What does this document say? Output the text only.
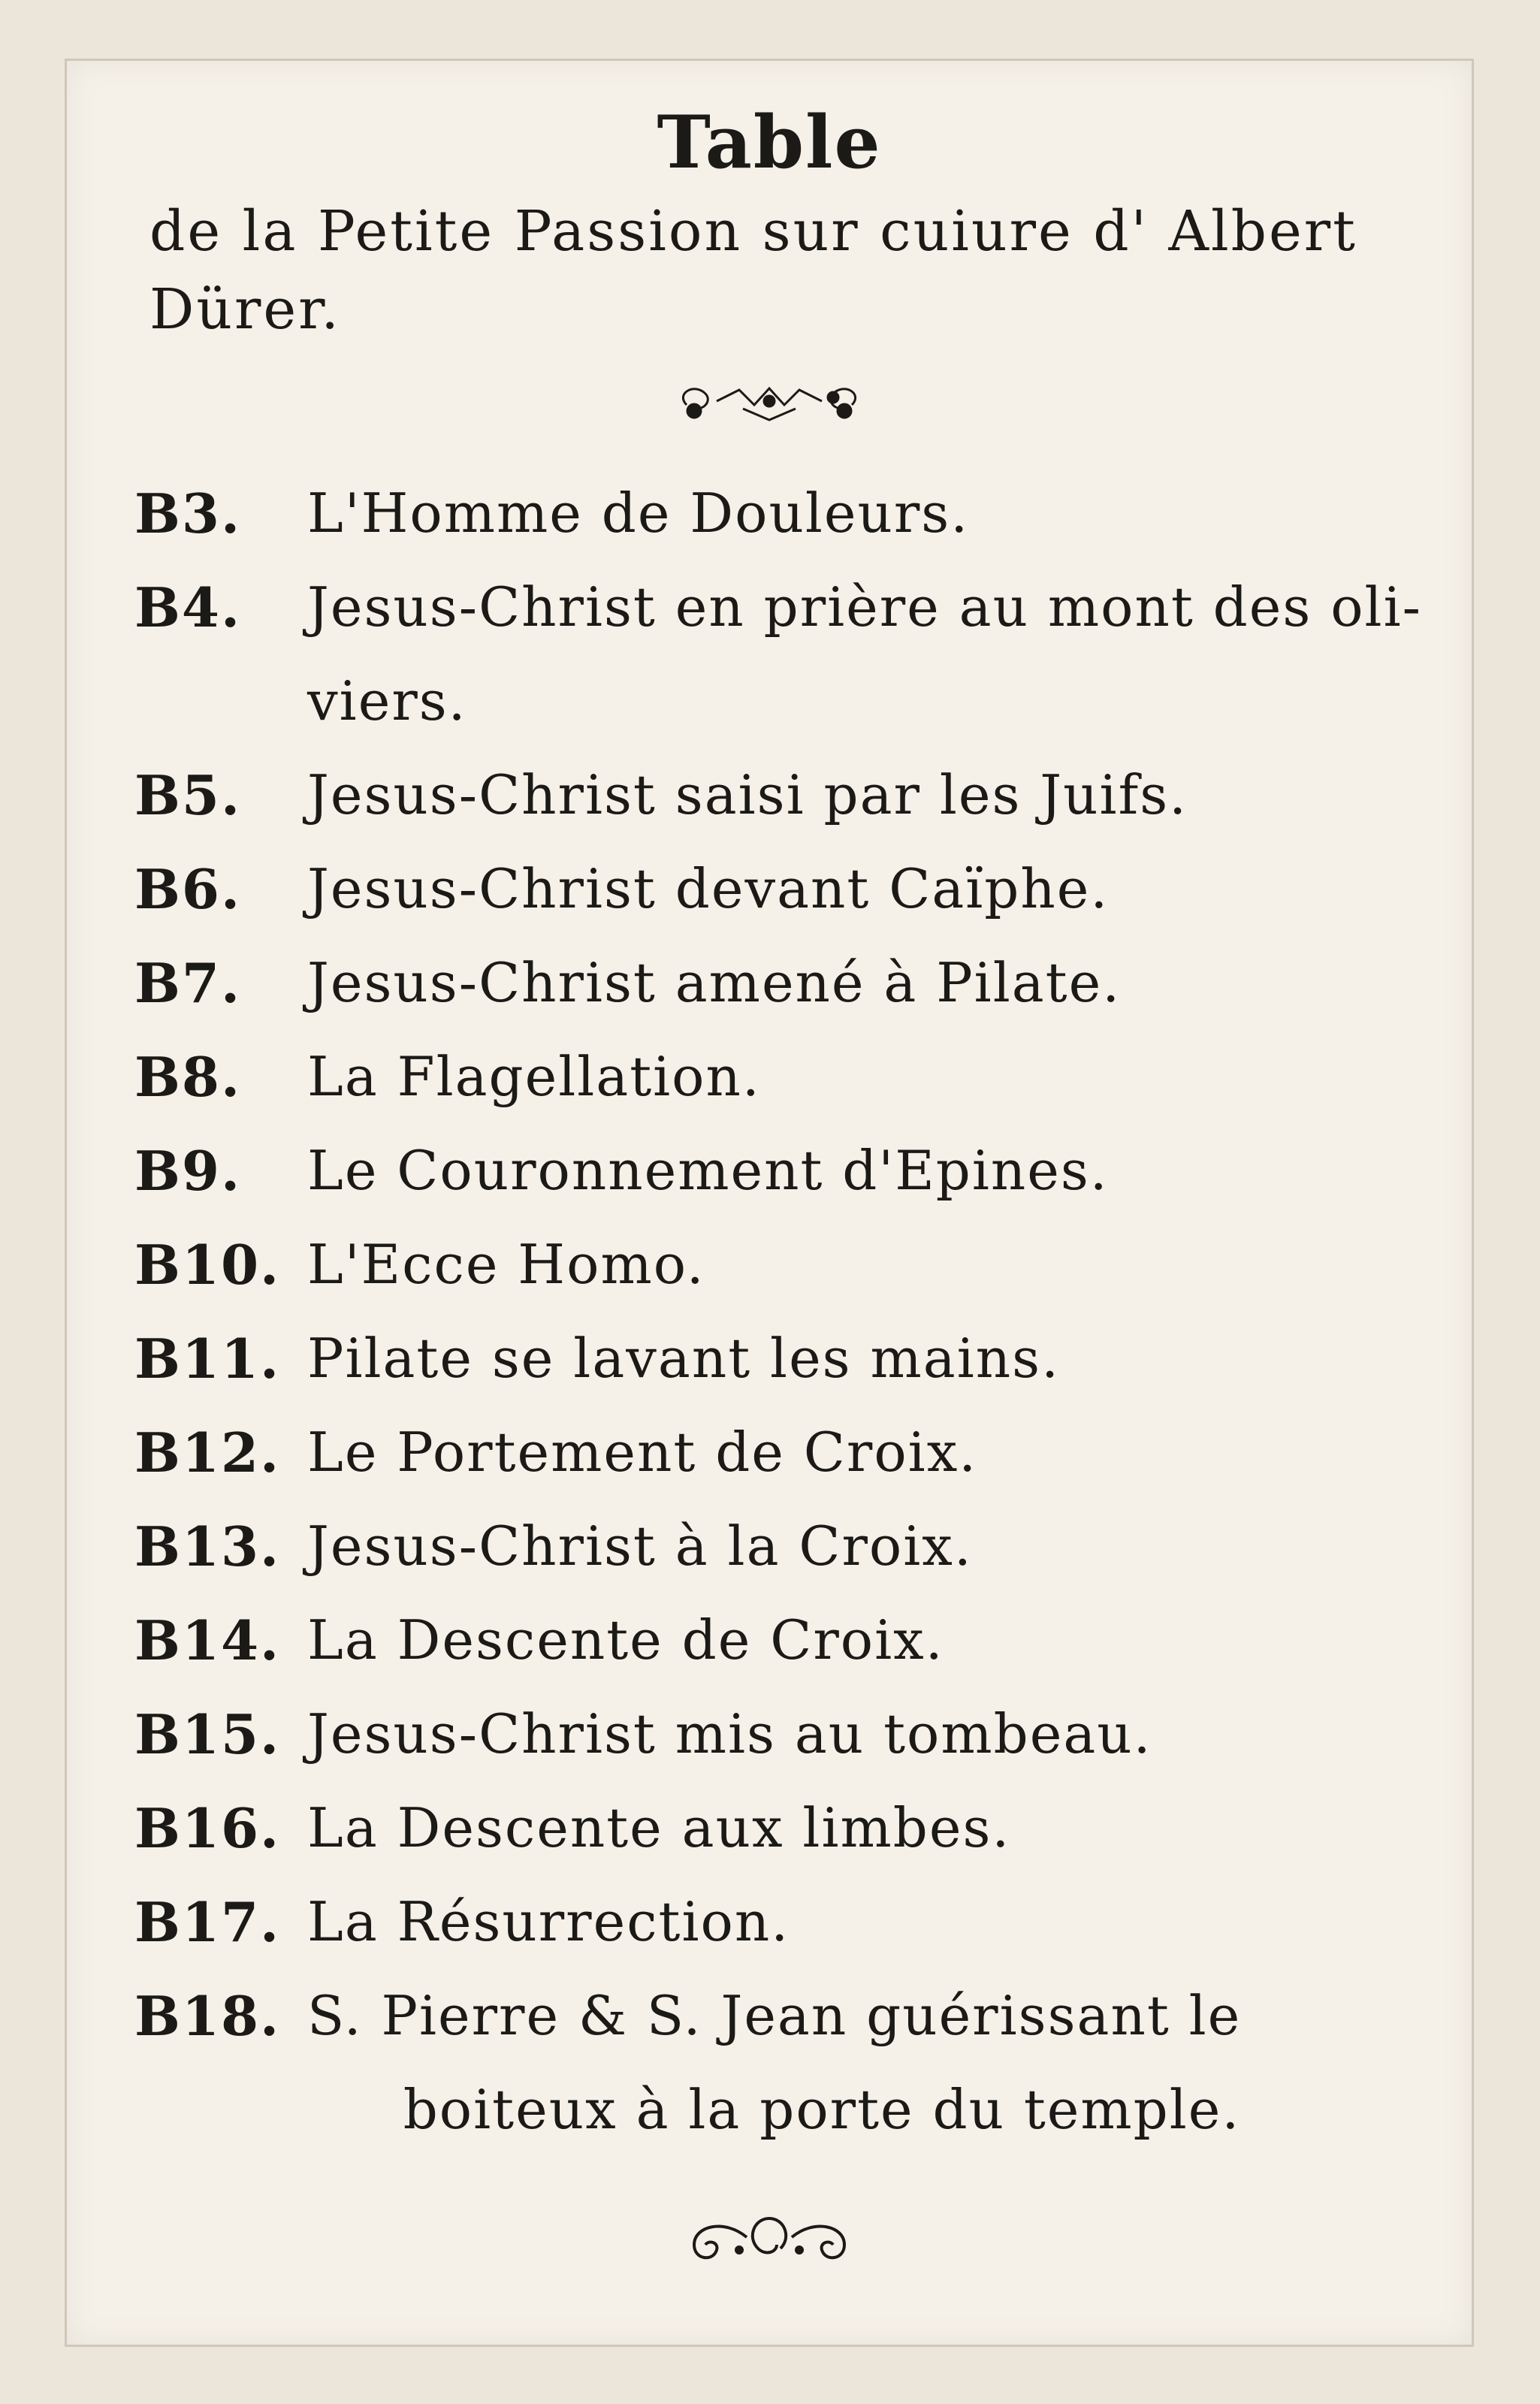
Table
de la Petite Passion sur cuiure d' Albert Dürer.
B3.	L'Homme de Douleurs.
B4.	Jesus-Christ en prière au mont des oli-
viers.
B5.	Jesus-Christ saisi par les Juifs.
B6.	Jesus-Christ devant Caïphe.
B7.	Jesus-Christ amené à Pilate.
B8.	La Flagellation.
B9.	Le Couronnement d'Epines.
B10. L'Ecce Homo.
B11. Pilate se lavant les mains.
B12. Le Portement de Croix.
B13. Jesus-Christ à la Croix.
B14. La Descente de Croix.
B15. Jesus-Christ mis au tombeau.
B16. La Descente aux limbes.
B17. La Résurrection.
B18. S. Pierre & S. Jean guérissant le
boiteux à la porte du temple.
